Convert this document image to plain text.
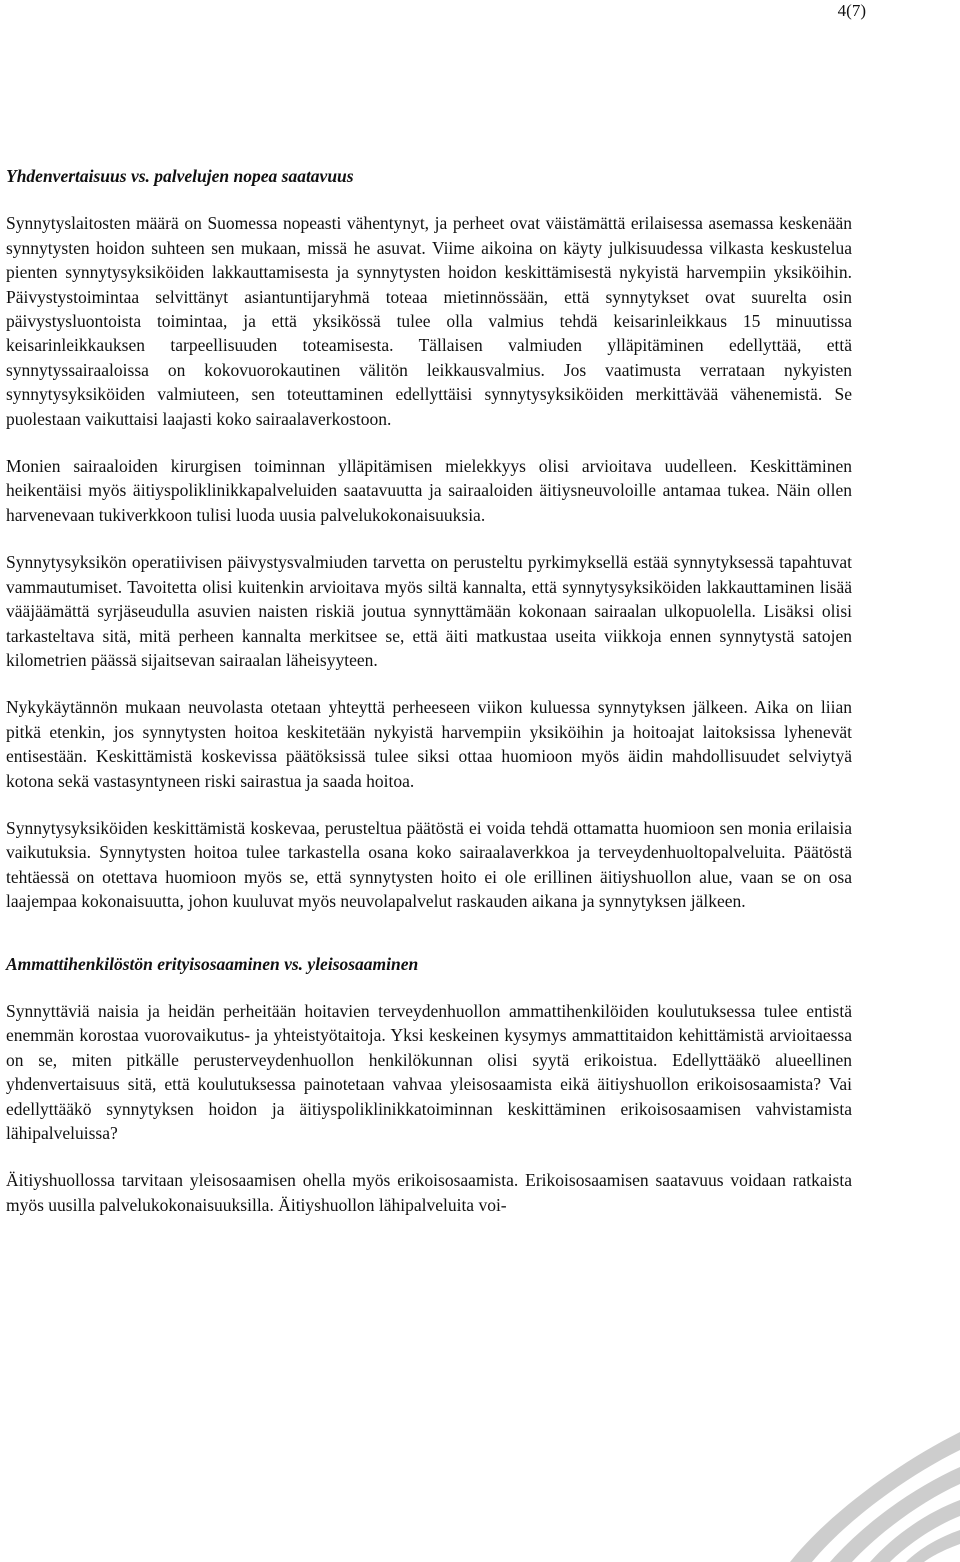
4(7)
Yhdenvertaisuus vs. palvelujen nopea saatavuus

Synnytyslaitosten määrä on Suomessa nopeasti vähentynyt, ja perheet ovat väistämättä erilaisessa asemassa keskenään synnytysten hoidon suhteen sen mukaan, missä he asuvat. Viime aikoina on käyty julkisuudessa vilkasta keskustelua pienten synnytysyksiköiden lakkauttamisesta ja synnytysten hoidon keskittämisestä nykyistä harvempiin yksiköihin. Päivystystoimintaa selvittänyt asiantuntijaryhmä toteaa mietinnössään, että synnytykset ovat suurelta osin päivystysluontoista toimintaa, ja että yksikössä tulee olla valmius tehdä keisarinleikkaus 15 minuutissa keisarinleikkauksen tarpeellisuuden toteamisesta. Tällaisen valmiuden ylläpitäminen edellyttää, että synnytyssairaaloissa on kokovuorokautinen välitön leikkausvalmius. Jos vaatimusta verrataan nykyisten synnytysyksiköiden valmiuteen, sen toteuttaminen edellyttäisi synnytysyksiköiden merkittävää vähenemistä. Se puolestaan vaikuttaisi laajasti koko sairaalaverkostoon.

Monien sairaaloiden kirurgisen toiminnan ylläpitämisen mielekkyys olisi arvioitava uudelleen. Keskittäminen heikentäisi myös äitiyspoliklinikkapalveluiden saatavuutta ja sairaaloiden äitiysneuvoloille antamaa tukea. Näin ollen harvenevaan tukiverkkoon tulisi luoda uusia palvelukokonaisuuksia.

Synnytysyksikön operatiivisen päivystysvalmiuden tarvetta on perusteltu pyrkimyksellä estää synnytyksessä tapahtuvat vammautumiset. Tavoitetta olisi kuitenkin arvioitava myös siltä kannalta, että synnytysyksiköiden lakkauttaminen lisää vääjäämättä syrjäseudulla asuvien naisten riskiä joutua synnyttämään kokonaan sairaalan ulkopuolella. Lisäksi olisi tarkasteltava sitä, mitä perheen kannalta merkitsee se, että äiti matkustaa useita viikkoja ennen synnytystä satojen kilometrien päässä sijaitsevan sairaalan läheisyyteen.

Nykykäytännön mukaan neuvolasta otetaan yhteyttä perheeseen viikon kuluessa synnytyksen jälkeen. Aika on liian pitkä etenkin, jos synnytysten hoitoa keskitetään nykyistä harvempiin yksiköihin ja hoitoajat laitoksissa lyhenevät entisestään. Keskittämistä koskevissa päätöksissä tulee siksi ottaa huomioon myös äidin mahdollisuudet selviytyä kotona sekä vastasyntyneen riski sairastua ja saada hoitoa.

Synnytysyksiköiden keskittämistä koskevaa, perusteltua päätöstä ei voida tehdä ottamatta huomioon sen monia erilaisia vaikutuksia. Synnytysten hoitoa tulee tarkastella osana koko sairaalaverkkoa ja terveydenhuoltopalveluita. Päätöstä tehtäessä on otettava huomioon myös se, että synnytysten hoito ei ole erillinen äitiyshuollon alue, vaan se on osa laajempaa kokonaisuutta, johon kuuluvat myös neuvolapalvelut raskauden aikana ja synnytyksen jälkeen.

Ammattihenkilöstön erityisosaaminen vs. yleisosaaminen

Synnyttäviä naisia ja heidän perheitään hoitavien terveydenhuollon ammattihenkilöiden koulutuksessa tulee entistä enemmän korostaa vuorovaikutus- ja yhteistyötaitoja. Yksi keskeinen kysymys ammattitaidon kehittämistä arvioitaessa on se, miten pitkälle perusterveydenhuollon henkilökunnan olisi syytä erikoistua. Edellyttääkö alueellinen yhdenvertaisuus sitä, että koulutuksessa painotetaan vahvaa yleisosaamista eikä äitiyshuollon erikoisosaamista? Vai edellyttääkö synnytyksen hoidon ja äitiyspoliklinikkatoiminnan keskittäminen erikoisosaamisen vahvistamista lähipalveluissa?

Äitiyshuollossa tarvitaan yleisosaamisen ohella myös erikoisosaamista. Erikoisosaamisen saatavuus voidaan ratkaista myös uusilla palvelukokonaisuuksilla. Äitiyshuollon lähipalveluita voi-
